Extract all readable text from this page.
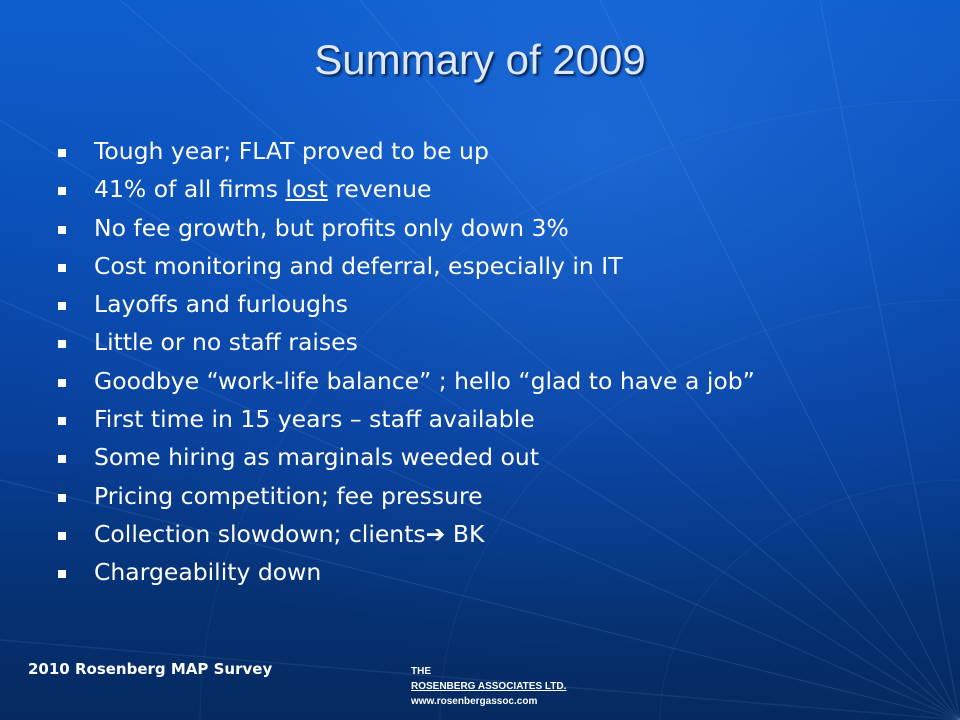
Summary of 2009
Tough year; FLAT proved to be up
41% of all firms lost revenue
No fee growth, but profits only down 3%
Cost monitoring and deferral, especially in IT
Layoffs and furloughs
Little or no staff raises
Goodbye “work-life balance” ; hello “glad to have a job”
First time in 15 years – staff available
Some hiring as marginals weeded out
Pricing competition; fee pressure
Collection slowdown; clients➔ BK
Chargeability down
2010 Rosenberg MAP Survey	THE
ROSENBERG ASSOCIATES LTD.
www.rosenbergassoc.com
